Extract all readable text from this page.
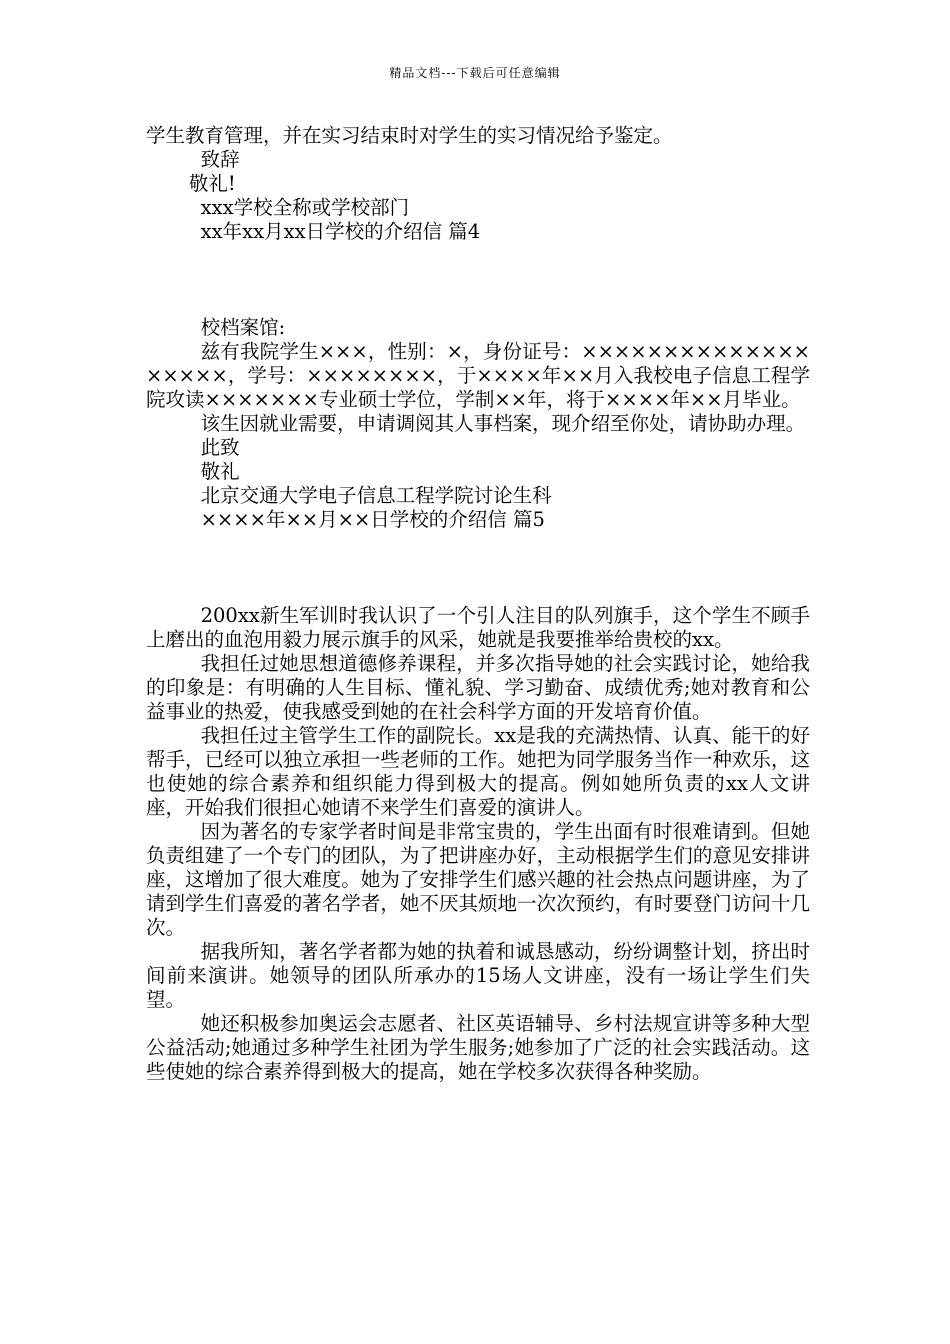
精品文档---下载后可任意编辑

学生教育管理，并在实习结束时对学生的实习情况给予鉴定。

致辞

敬礼!

xxx学校全称或学校部门

xx年xx月xx日学校的介绍信 篇4

校档案馆:

兹有我院学生×××，性别：×，身份证号：×××××××××××××××××××，学号：××××××××，于××××年××月入我校电子信息工程学院攻读×××××××专业硕士学位，学制××年，将于××××年××月毕业。

该生因就业需要，申请调阅其人事档案，现介绍至你处，请协助办理。

此致

敬礼

北京交通大学电子信息工程学院讨论生科

××××年××月××日学校的介绍信 篇5

200xx新生军训时我认识了一个引人注目的队列旗手，这个学生不顾手上磨出的血泡用毅力展示旗手的风采，她就是我要推举给贵校的xx。

我担任过她思想道德修养课程，并多次指导她的社会实践讨论，她给我的印象是：有明确的人生目标、懂礼貌、学习勤奋、成绩优秀;她对教育和公益事业的热爱，使我感受到她的在社会科学方面的开发培育价值。

我担任过主管学生工作的副院长。xx是我的充满热情、认真、能干的好帮手，已经可以独立承担一些老师的工作。她把为同学服务当作一种欢乐，这也使她的综合素养和组织能力得到极大的提高。例如她所负责的xx人文讲座，开始我们很担心她请不来学生们喜爱的演讲人。

因为著名的专家学者时间是非常宝贵的，学生出面有时很难请到。但她负责组建了一个专门的团队，为了把讲座办好，主动根据学生们的意见安排讲座，这增加了很大难度。她为了安排学生们感兴趣的社会热点问题讲座，为了请到学生们喜爱的著名学者，她不厌其烦地一次次预约，有时要登门访问十几次。

据我所知，著名学者都为她的执着和诚恳感动，纷纷调整计划，挤出时间前来演讲。她领导的团队所承办的15场人文讲座，没有一场让学生们失望。

她还积极参加奥运会志愿者、社区英语辅导、乡村法规宣讲等多种大型公益活动;她通过多种学生社团为学生服务;她参加了广泛的社会实践活动。这些使她的综合素养得到极大的提高，她在学校多次获得各种奖励。
